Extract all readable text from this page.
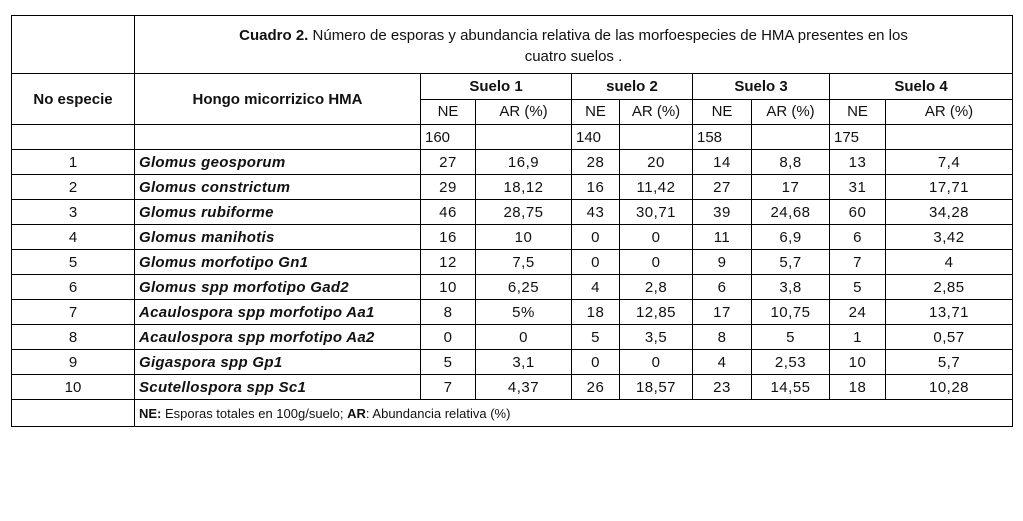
	Cuadro 2. Número de esporas y abundancia relativa de las morfoespecies de HMA presentes en los
cuatro suelos .								
No especie	Hongo micorrizico HMA	Suelo 1		suelo 2		Suelo 3		Suelo 4	
		NE	AR (%)	NE	AR (%)	NE	AR (%)	NE	AR (%)
		160		140		158		175	
1	Glomus geosporum	27	16,9	28	20	14	8,8	13	7,4
2	Glomus constrictum	29	18,12	16	11,42	27	17	31	17,71
3	Glomus rubiforme	46	28,75	43	30,71	39	24,68	60	34,28
4	Glomus manihotis	16	10	0	0	11	6,9	6	3,42
5	Glomus morfotipo Gn1	12	7,5	0	0	9	5,7	7	4
6	Glomus spp morfotipo Gad2	10	6,25	4	2,8	6	3,8	5	2,85
7	Acaulospora spp morfotipo Aa1	8	5%	18	12,85	17	10,75	24	13,71
8	Acaulospora spp morfotipo Aa2	0	0	5	3,5	8	5	1	0,57
9	Gigaspora spp Gp1	5	3,1	0	0	4	2,53	10	5,7
10	Scutellospora spp Sc1	7	4,37	26	18,57	23	14,55	18	10,28
	NE: Esporas totales en 100g/suelo; AR: Abundancia relativa (%)								
